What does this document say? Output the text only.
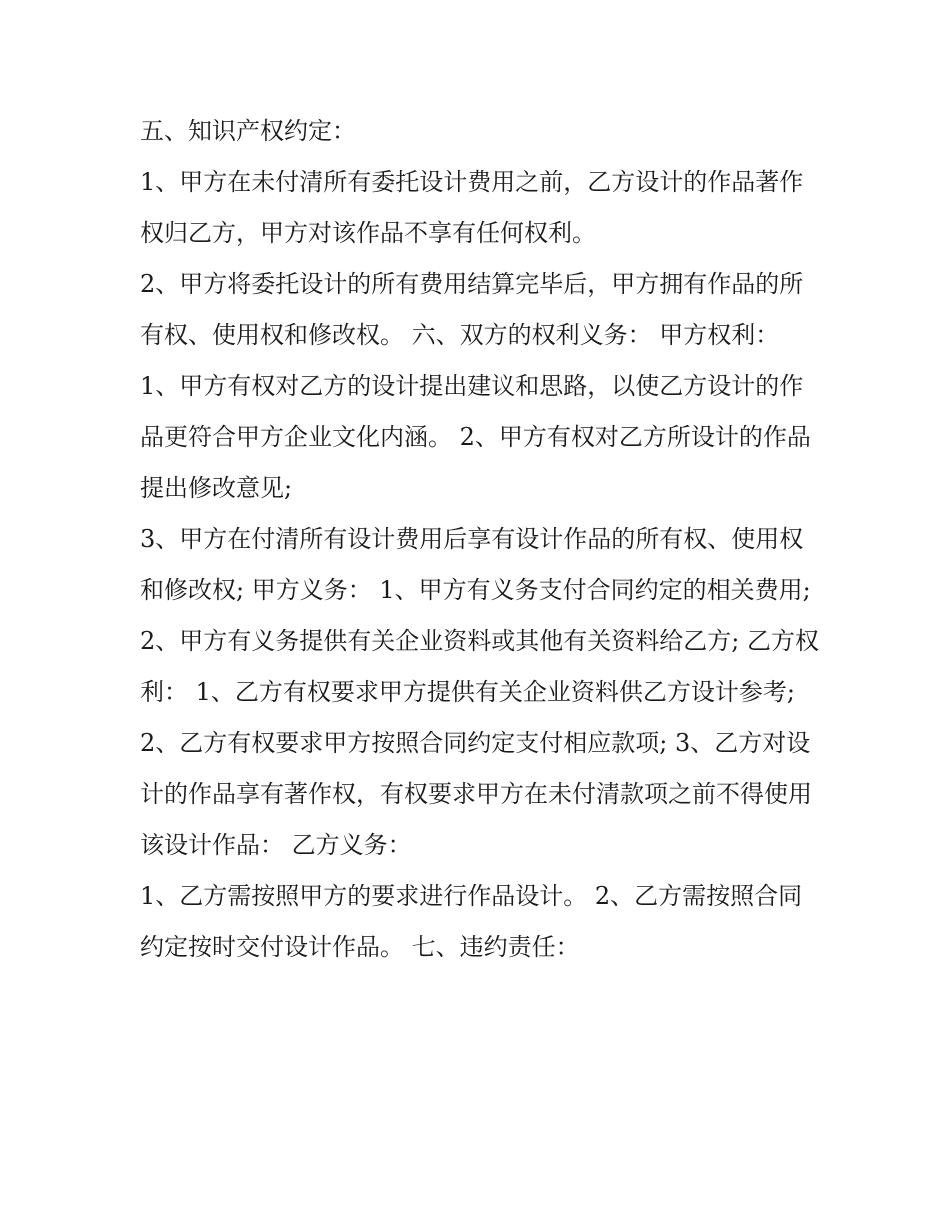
五、知识产权约定：

1、甲方在未付清所有委托设计费用之前，乙方设计的作品著作权归乙方，甲方对该作品不享有任何权利。

2、甲方将委托设计的所有费用结算完毕后，甲方拥有作品的所有权、使用权和修改权。 六、双方的权利义务： 甲方权利：

1、甲方有权对乙方的设计提出建议和思路，以使乙方设计的作品更符合甲方企业文化内涵。 2、甲方有权对乙方所设计的作品提出修改意见;

3、甲方在付清所有设计费用后享有设计作品的所有权、使用权和修改权; 甲方义务： 1、甲方有义务支付合同约定的相关费用;

2、甲方有义务提供有关企业资料或其他有关资料给乙方; 乙方权利： 1、乙方有权要求甲方提供有关企业资料供乙方设计参考;

2、乙方有权要求甲方按照合同约定支付相应款项; 3、乙方对设计的作品享有著作权，有权要求甲方在未付清款项之前不得使用该设计作品： 乙方义务：

1、乙方需按照甲方的要求进行作品设计。 2、乙方需按照合同约定按时交付设计作品。 七、违约责任：
